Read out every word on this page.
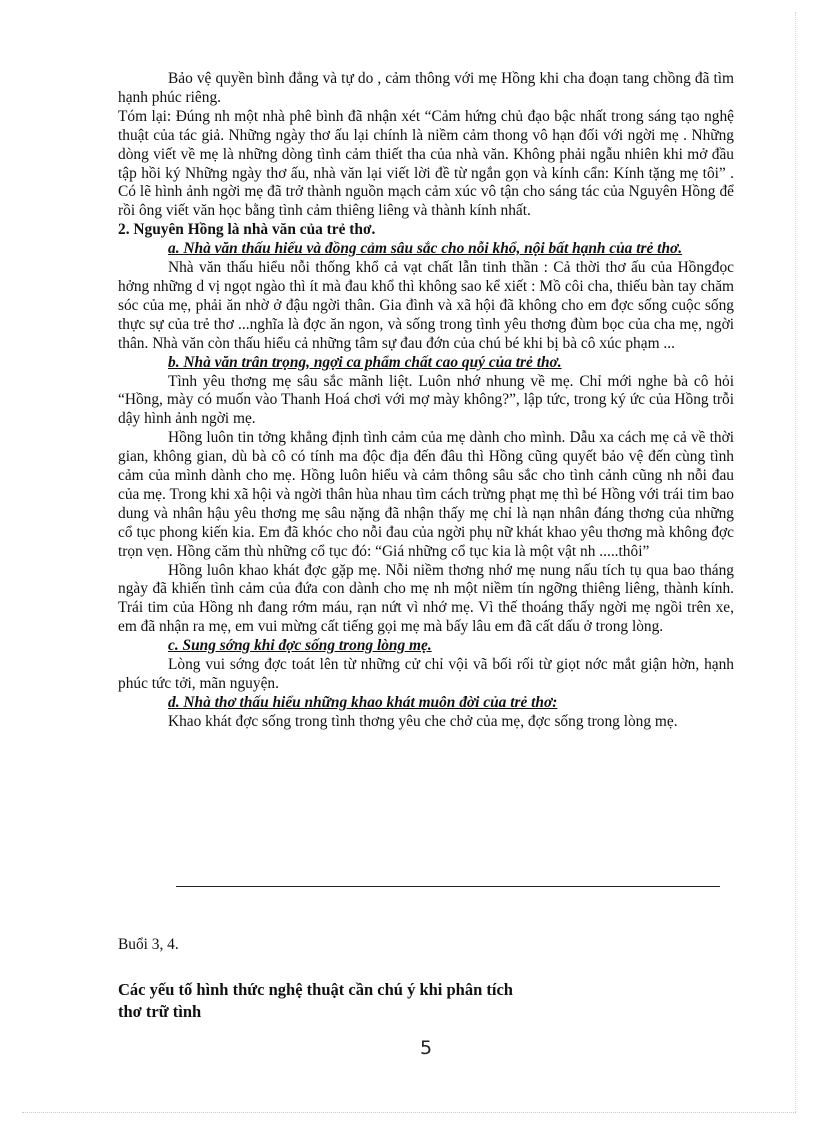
Bảo vệ quyền bình đẳng và tự do , cảm thông với mẹ Hồng khi cha đoạn tang chồng đã tìm hạnh phúc riêng.

Tóm lại: Đúng nh một nhà phê bình đã nhận xét “Cảm hứng chủ đạo bậc nhất trong sáng tạo nghệ thuật của tác giả. Những ngày thơ ấu lại chính là niềm cảm thong vô hạn đối với ngời mẹ . Những dòng viết về mẹ là những dòng tình cảm thiết tha của nhà văn. Không phải ngẫu nhiên khi mở đầu tập hồi ký Những ngày thơ ấu, nhà văn lại viết lời đề từ ngắn gọn và kính cẩn: Kính tặng mẹ tôi” . Có lẽ hình ảnh ngời mẹ đã trở thành nguồn mạch cảm xúc vô tận cho sáng tác của Nguyên Hồng để rồi ông viết văn học bằng tình cảm thiêng liêng và thành kính nhất.

2. Nguyên Hồng là nhà văn của trẻ thơ.

a. Nhà văn thấu hiểu và đồng cảm sâu sắc cho nỗi khổ, nội bất hạnh của trẻ thơ.

Nhà văn thấu hiểu nỗi thống khổ cả vạt chất lẫn tinh thần : Cả thời thơ ấu của Hồngđọc hởng những d vị ngọt ngào thì ít mà đau khổ thì không sao kể xiết : Mồ côi cha, thiếu bàn tay chăm sóc của mẹ, phải ăn nhờ ở đậu ngời thân. Gia đình và xã hội đã không cho em đợc sống cuộc sống thực sự của trẻ thơ ...nghĩa là đợc ăn ngon, và sống trong tình yêu thơng đùm bọc của cha mẹ, ngời thân. Nhà văn còn thấu hiểu cả những tâm sự đau đớn của chú bé khi bị bà cô xúc phạm ...

b. Nhà văn trân trọng, ngợi ca phẩm chất cao quý của trẻ thơ.

Tình yêu thơng mẹ sâu sắc mãnh liệt. Luôn nhớ nhung về mẹ. Chỉ mới nghe bà cô hỏi “Hồng, mày có muốn vào Thanh Hoá chơi với mợ mày không?”, lập tức, trong ký ức của Hồng trỗi dậy hình ảnh ngời mẹ.

Hồng luôn tin tởng khẳng định tình cảm của mẹ dành cho mình. Dẫu xa cách mẹ cả về thời gian, không gian, dù bà cô có tính ma độc địa đến đâu thì Hồng cũng quyết bảo vệ đến cùng tình cảm của mình dành cho mẹ. Hồng luôn hiểu và cảm thông sâu sắc cho tình cảnh cũng nh nỗi đau của mẹ. Trong khi xã hội và ngời thân hùa nhau tìm cách trừng phạt mẹ thì bé Hồng với trái tim bao dung và nhân hậu yêu thơng mẹ sâu nặng đã nhận thấy mẹ chỉ là nạn nhân đáng thơng của những cổ tục phong kiến kia. Em đã khóc cho nỗi đau của ngời phụ nữ khát khao yêu thơng mà không đợc trọn vẹn. Hồng căm thù những cổ tục đó: “Giá những cổ tục kia là một vật nh .....thôi”

Hồng luôn khao khát đợc gặp mẹ. Nỗi niềm thơng nhớ mẹ nung nấu tích tụ qua bao tháng ngày đã khiến tình cảm của đứa con dành cho mẹ nh một niềm tín ngỡng thiêng liêng, thành kính. Trái tim của Hồng nh đang rớm máu, rạn nứt vì nhớ mẹ. Vì thế thoáng thấy ngời mẹ ngồi trên xe, em đã nhận ra mẹ, em vui mừng cất tiếng gọi mẹ mà bấy lâu em đã cất dấu ở trong lòng.

c. Sung sớng khi đợc sống trong lòng mẹ.

Lòng vui sớng đợc toát lên từ những cử chỉ vội vã bối rối từ giọt nớc mắt giận hờn, hạnh phúc tức tởi, mãn nguyện.

d. Nhà thơ thấu hiểu những khao khát muôn đời của trẻ thơ:

Khao khát đợc sống trong tình thơng yêu che chở của mẹ, đợc sống trong lòng mẹ.

Buổi 3, 4.
Các yếu tố hình thức nghệ thuật cần chú ý khi phân tích thơ trữ tình
5
